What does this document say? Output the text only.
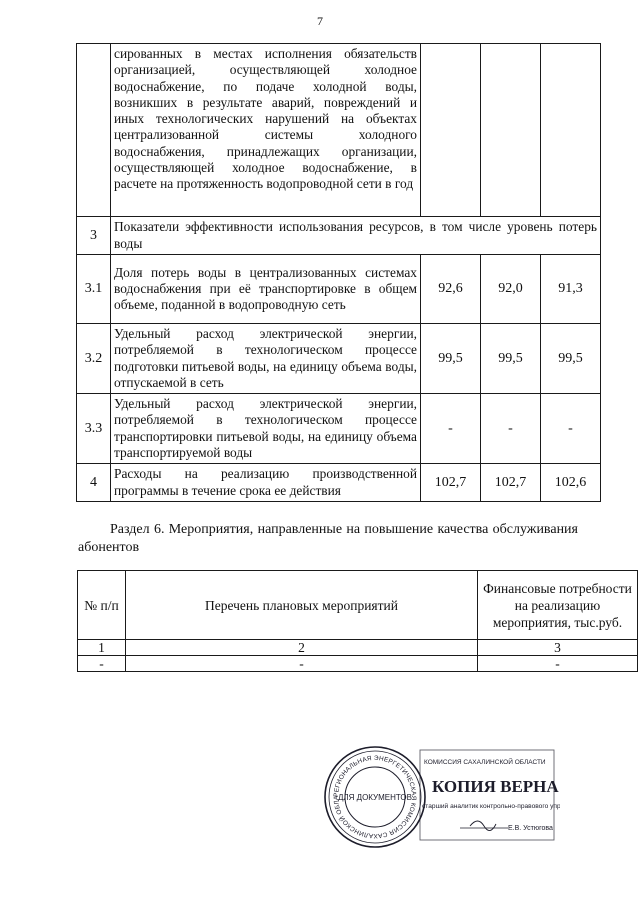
7
	сированных в местах исполнения обязательств организацией, осуществляющей холодное водоснабжение, по подаче холодной воды, возникших в результате аварий, повреждений и иных технологических нарушений на объектах централизованной системы холодного водоснабжения, принадлежащих организации, осуществляющей холодное водоснабжение, в расчете на протяженность водопроводной сети в год			
3	Показатели эффективности использования ресурсов, в том числе уровень потерь воды			
3.1	Доля потерь воды в централизованных системах водоснабжения при её транспортировке в общем объеме, поданной в водопроводную сеть	92,6	92,0	91,3
3.2	Удельный расход электрической энергии, потребляемой в технологическом процессе подготовки питьевой воды, на единицу объема воды, отпускаемой в сеть	99,5	99,5	99,5
3.3	Удельный расход электрической энергии, потребляемой в технологическом процессе транспортировки питьевой воды, на единицу объема транспортируемой воды	-	-	-
4	Расходы на реализацию производственной программы в течение срока ее действия	102,7	102,7	102,6
Раздел 6. Мероприятия, направленные на повышение качества обслуживания абонентов
№ п/п	Перечень плановых мероприятий	Финансовые потребности на реализацию мероприятия, тыс.руб.
1	2	3
-	-	-
РЕГИОНАЛЬНАЯ ЭНЕРГЕТИЧЕСКАЯ КОМИССИЯ САХАЛИНСКОЙ ОБЛА
ДЛЯ ДОКУМЕНТОВ
КОМИССИЯ САХАЛИНСКОЙ ОБЛАСТИ
КОПИЯ ВЕРНА
старший аналитик контрольно-правового упр
Е.В. Устюгова
